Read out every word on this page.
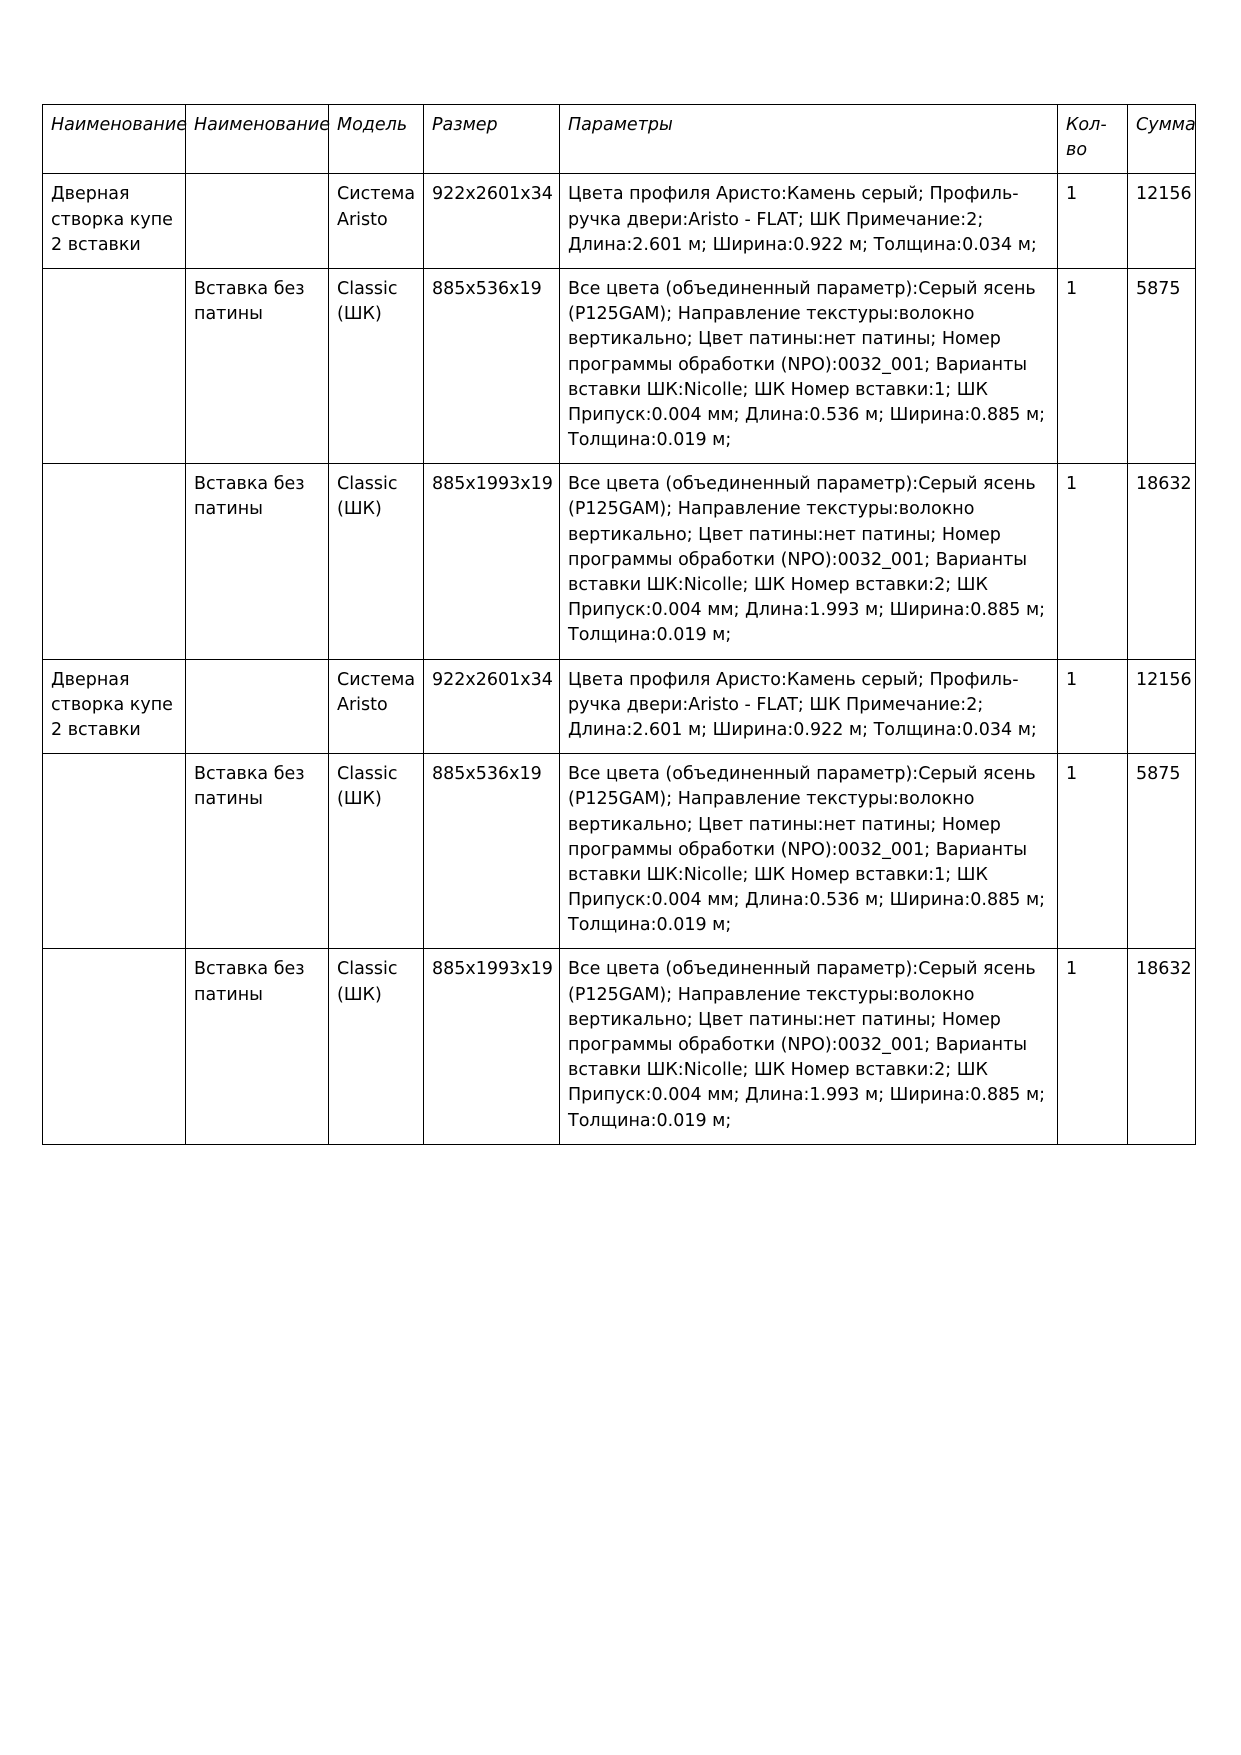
Наименование	Наименование	Модель	Размер	Параметры	Кол-во	Сумма
Дверная створка купе 2 вставки		Система Aristo	922x2601x34	Цвета профиля Аристо:Камень серый; Профиль-ручка двери:Aristo - FLAT; ШК Примечание:2; Длина:2.601 м; Ширина:0.922 м; Толщина:0.034 м;	1	12156
	Вставка без патины	Classic (ШК)	885x536x19	Все цвета (объединенный параметр):Серый ясень (P125GAM); Направление текстуры:волокно вертикально; Цвет патины:нет патины; Номер программы обработки (NPO):0032_001; Варианты вставки ШК:Nicolle; ШК Номер вставки:1; ШК Припуск:0.004 мм; Длина:0.536 м; Ширина:0.885 м; Толщина:0.019 м;	1	5875
	Вставка без патины	Classic (ШК)	885x1993x19	Все цвета (объединенный параметр):Серый ясень (P125GAM); Направление текстуры:волокно вертикально; Цвет патины:нет патины; Номер программы обработки (NPO):0032_001; Варианты вставки ШК:Nicolle; ШК Номер вставки:2; ШК Припуск:0.004 мм; Длина:1.993 м; Ширина:0.885 м; Толщина:0.019 м;	1	18632
Дверная створка купе 2 вставки		Система Aristo	922x2601x34	Цвета профиля Аристо:Камень серый; Профиль-ручка двери:Aristo - FLAT; ШК Примечание:2; Длина:2.601 м; Ширина:0.922 м; Толщина:0.034 м;	1	12156
	Вставка без патины	Classic (ШК)	885x536x19	Все цвета (объединенный параметр):Серый ясень (P125GAM); Направление текстуры:волокно вертикально; Цвет патины:нет патины; Номер программы обработки (NPO):0032_001; Варианты вставки ШК:Nicolle; ШК Номер вставки:1; ШК Припуск:0.004 мм; Длина:0.536 м; Ширина:0.885 м; Толщина:0.019 м;	1	5875
	Вставка без патины	Classic (ШК)	885x1993x19	Все цвета (объединенный параметр):Серый ясень (P125GAM); Направление текстуры:волокно вертикально; Цвет патины:нет патины; Номер программы обработки (NPO):0032_001; Варианты вставки ШК:Nicolle; ШК Номер вставки:2; ШК Припуск:0.004 мм; Длина:1.993 м; Ширина:0.885 м; Толщина:0.019 м;	1	18632
